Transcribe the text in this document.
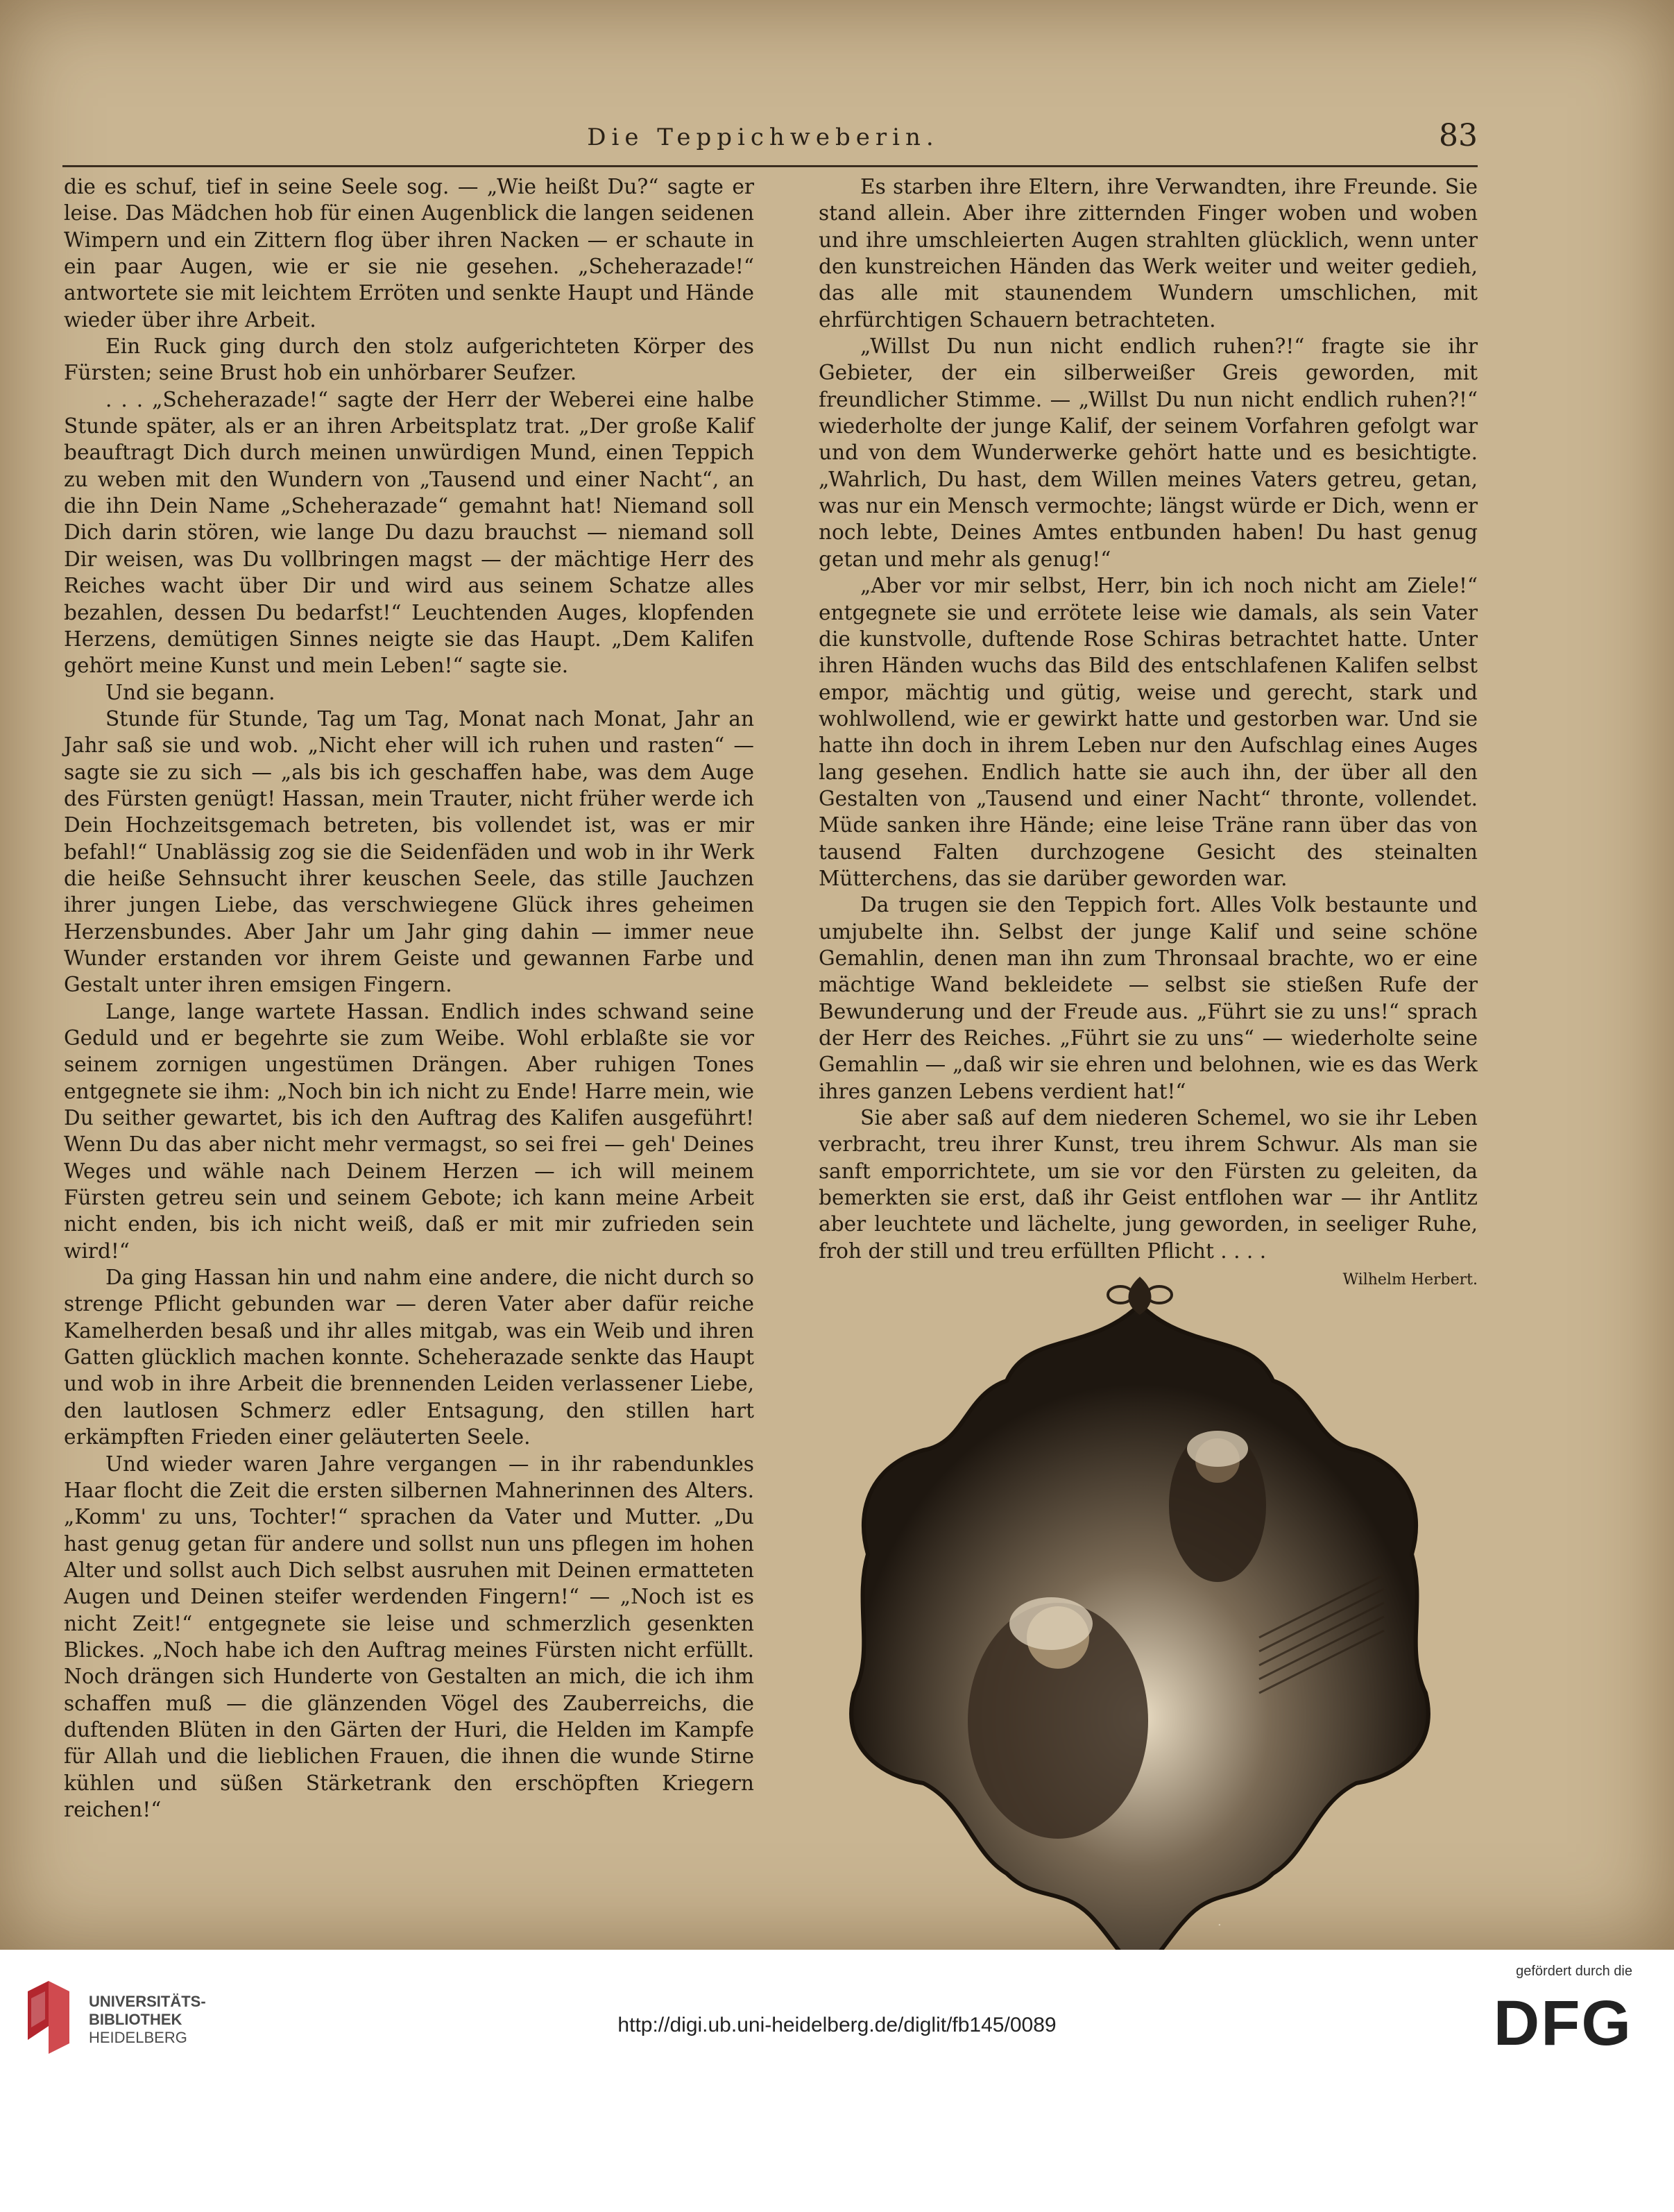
Die Teppichweberin.	83

die es schuf, tief in seine Seele sog. — „Wie heißt Du?“ sagte er leise. Das Mädchen hob für einen Augenblick die langen seidenen Wimpern und ein Zittern flog über ihren Nacken — er schaute in ein paar Augen, wie er sie nie gesehen. „Scheherazade!“ antwortete sie mit leichtem Erröten und senkte Haupt und Hände wieder über ihre Arbeit.

Ein Ruck ging durch den stolz aufgerichteten Körper des Fürsten; seine Brust hob ein unhörbarer Seufzer.

. . . „Scheherazade!“ sagte der Herr der Weberei eine halbe Stunde später, als er an ihren Arbeitsplatz trat. „Der große Kalif beauftragt Dich durch meinen unwürdigen Mund, einen Teppich zu weben mit den Wundern von „Tausend und einer Nacht“, an die ihn Dein Name „Scheherazade“ gemahnt hat! Niemand soll Dich darin stören, wie lange Du dazu brauchst — niemand soll Dir weisen, was Du vollbringen magst — der mächtige Herr des Reiches wacht über Dir und wird aus seinem Schatze alles bezahlen, dessen Du bedarfst!“ Leuchtenden Auges, klopfenden Herzens, demütigen Sinnes neigte sie das Haupt. „Dem Kalifen gehört meine Kunst und mein Leben!“ sagte sie.

Und sie begann.

Stunde für Stunde, Tag um Tag, Monat nach Monat, Jahr an Jahr saß sie und wob. „Nicht eher will ich ruhen und rasten“ — sagte sie zu sich — „als bis ich geschaffen habe, was dem Auge des Fürsten genügt! Hassan, mein Trauter, nicht früher werde ich Dein Hochzeitsgemach betreten, bis vollendet ist, was er mir befahl!“ Unablässig zog sie die Seidenfäden und wob in ihr Werk die heiße Sehnsucht ihrer keuschen Seele, das stille Jauchzen ihrer jungen Liebe, das verschwiegene Glück ihres geheimen Herzensbundes. Aber Jahr um Jahr ging dahin — immer neue Wunder erstanden vor ihrem Geiste und gewannen Farbe und Gestalt unter ihren emsigen Fingern.

Lange, lange wartete Hassan. Endlich indes schwand seine Geduld und er begehrte sie zum Weibe. Wohl erblaßte sie vor seinem zornigen ungestümen Drängen. Aber ruhigen Tones entgegnete sie ihm: „Noch bin ich nicht zu Ende! Harre mein, wie Du seither gewartet, bis ich den Auftrag des Kalifen ausgeführt! Wenn Du das aber nicht mehr vermagst, so sei frei — geh' Deines Weges und wähle nach Deinem Herzen — ich will meinem Fürsten getreu sein und seinem Gebote; ich kann meine Arbeit nicht enden, bis ich nicht weiß, daß er mit mir zufrieden sein wird!“

Da ging Hassan hin und nahm eine andere, die nicht durch so strenge Pflicht gebunden war — deren Vater aber dafür reiche Kamelherden besaß und ihr alles mitgab, was ein Weib und ihren Gatten glücklich machen konnte. Scheherazade senkte das Haupt und wob in ihre Arbeit die brennenden Leiden verlassener Liebe, den lautlosen Schmerz edler Entsagung, den stillen hart erkämpften Frieden einer geläuterten Seele.

Und wieder waren Jahre vergangen — in ihr rabendunkles Haar flocht die Zeit die ersten silbernen Mahnerinnen des Alters. „Komm' zu uns, Tochter!“ sprachen da Vater und Mutter. „Du hast genug getan für andere und sollst nun uns pflegen im hohen Alter und sollst auch Dich selbst ausruhen mit Deinen ermatteten Augen und Deinen steifer werdenden Fingern!“ — „Noch ist es nicht Zeit!“ entgegnete sie leise und schmerzlich gesenkten Blickes. „Noch habe ich den Auftrag meines Fürsten nicht erfüllt. Noch drängen sich Hunderte von Gestalten an mich, die ich ihm schaffen muß — die glänzenden Vögel des Zauberreichs, die duftenden Blüten in den Gärten der Huri, die Helden im Kampfe für Allah und die lieblichen Frauen, die ihnen die wunde Stirne kühlen und süßen Stärketrank den erschöpften Kriegern reichen!“

Es starben ihre Eltern, ihre Verwandten, ihre Freunde. Sie stand allein. Aber ihre zitternden Finger woben und woben und ihre umschleierten Augen strahlten glücklich, wenn unter den kunstreichen Händen das Werk weiter und weiter gedieh, das alle mit staunendem Wundern umschlichen, mit ehrfürchtigen Schauern betrachteten.

„Willst Du nun nicht endlich ruhen?!“ fragte sie ihr Gebieter, der ein silberweißer Greis geworden, mit freundlicher Stimme. — „Willst Du nun nicht endlich ruhen?!“ wiederholte der junge Kalif, der seinem Vorfahren gefolgt war und von dem Wunderwerke gehört hatte und es besichtigte. „Wahrlich, Du hast, dem Willen meines Vaters getreu, getan, was nur ein Mensch vermochte; längst würde er Dich, wenn er noch lebte, Deines Amtes entbunden haben! Du hast genug getan und mehr als genug!“

„Aber vor mir selbst, Herr, bin ich noch nicht am Ziele!“ entgegnete sie und errötete leise wie damals, als sein Vater die kunstvolle, duftende Rose Schiras betrachtet hatte. Unter ihren Händen wuchs das Bild des entschlafenen Kalifen selbst empor, mächtig und gütig, weise und gerecht, stark und wohlwollend, wie er gewirkt hatte und gestorben war. Und sie hatte ihn doch in ihrem Leben nur den Aufschlag eines Auges lang gesehen. Endlich hatte sie auch ihn, der über all den Gestalten von „Tausend und einer Nacht“ thronte, vollendet. Müde sanken ihre Hände; eine leise Träne rann über das von tausend Falten durchzogene Gesicht des steinalten Mütterchens, das sie darüber geworden war.

Da trugen sie den Teppich fort. Alles Volk bestaunte und umjubelte ihn. Selbst der junge Kalif und seine schöne Gemahlin, denen man ihn zum Thronsaal brachte, wo er eine mächtige Wand bekleidete — selbst sie stießen Rufe der Bewunderung und der Freude aus. „Führt sie zu uns!“ sprach der Herr des Reiches. „Führt sie zu uns“ — wiederholte seine Gemahlin — „daß wir sie ehren und belohnen, wie es das Werk ihres ganzen Lebens verdient hat!“

Sie aber saß auf dem niederen Schemel, wo sie ihr Leben verbracht, treu ihrer Kunst, treu ihrem Schwur. Als man sie sanft emporrichtete, um sie vor den Fürsten zu geleiten, da bemerkten sie erst, daß ihr Geist entflohen war — ihr Antlitz aber leuchtete und lächelte, jung geworden, in seeliger Ruhe, froh der still und treu erfüllten Pflicht . . . .

Wilhelm Herbert.
.
UNIVERSITÄTS-
BIBLIOTHEK
HEIDELBERG
http://digi.ub.uni-heidelberg.de/diglit/fb145/0089
gefördert durch die
DFG
